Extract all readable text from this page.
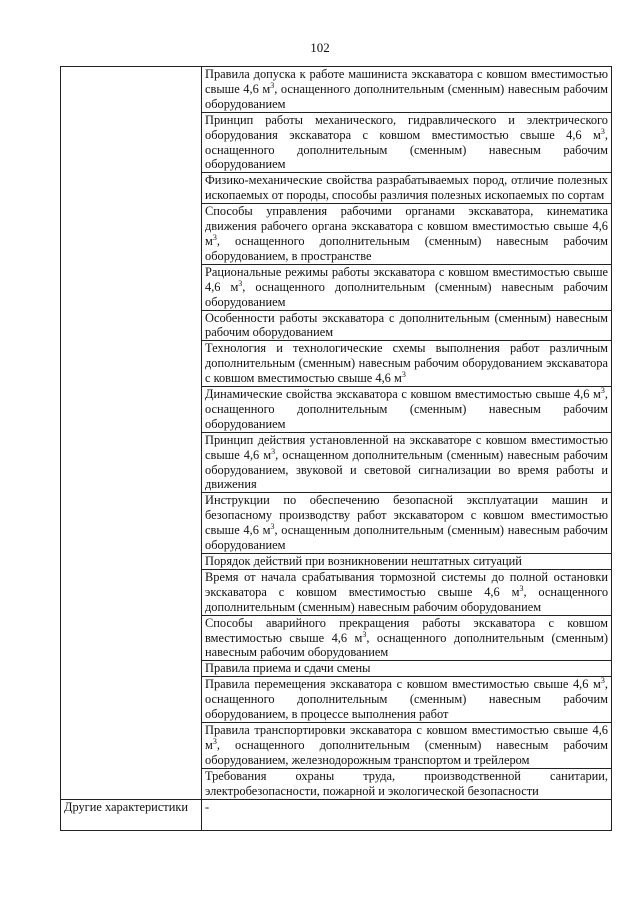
102
	Правила допуска к работе машиниста экскаватора с ковшом вместимостью свыше 4,6 $м^3$, оснащенного дополнительным (сменным) навесным рабочим оборудованием
	Принцип работы механического, гидравлического и электрического оборудования экскаватора с ковшом вместимостью свыше 4,6 $м^3$, оснащенного дополнительным (сменным) навесным рабочим оборудованием
	Физико-механические свойства разрабатываемых пород, отличие полезных ископаемых от породы, способы различия полезных ископаемых по сортам
	Способы управления рабочими органами экскаватора, кинематика движения рабочего органа экскаватора с ковшом вместимостью свыше 4,6 $м^3$, оснащенного дополнительным (сменным) навесным рабочим оборудованием, в пространстве
	Рациональные режимы работы экскаватора с ковшом вместимостью свыше 4,6 $м^3$, оснащенного дополнительным (сменным) навесным рабочим оборудованием
	Особенности работы экскаватора с дополнительным (сменным) навесным рабочим оборудованием
	Технология и технологические схемы выполнения работ различным дополнительным (сменным) навесным рабочим оборудованием экскаватора с ковшом вместимостью свыше 4,6 $м^3$
	Динамические свойства экскаватора с ковшом вместимостью свыше 4,6 $м^3$, оснащенного дополнительным (сменным) навесным рабочим оборудованием
	Принцип действия установленной на экскаваторе с ковшом вместимостью свыше 4,6 $м^3$, оснащенном дополнительным (сменным) навесным рабочим оборудованием, звуковой и световой сигнализации во время работы и движения
	Инструкции по обеспечению безопасной эксплуатации машин и безопасному производству работ экскаватором с ковшом вместимостью свыше 4,6 $м^3$, оснащенным дополнительным (сменным) навесным рабочим оборудованием
	Порядок действий при возникновении нештатных ситуаций
	Время от начала срабатывания тормозной системы до полной остановки экскаватора с ковшом вместимостью свыше 4,6 $м^3$, оснащенного дополнительным (сменным) навесным рабочим оборудованием
	Способы аварийного прекращения работы экскаватора с ковшом вместимостью свыше 4,6 $м^3$, оснащенного дополнительным (сменным) навесным рабочим оборудованием
	Правила приема и сдачи смены
	Правила перемещения экскаватора с ковшом вместимостью свыше 4,6 $м^3$, оснащенного дополнительным (сменным) навесным рабочим оборудованием, в процессе выполнения работ
	Правила транспортировки экскаватора с ковшом вместимостью свыше 4,6 $м^3$, оснащенного дополнительным (сменным) навесным рабочим оборудованием, железнодорожным транспортом и трейлером
	Требования охраны труда, производственной санитарии, электробезопасности, пожарной и экологической безопасности
Другие характеристики	-
